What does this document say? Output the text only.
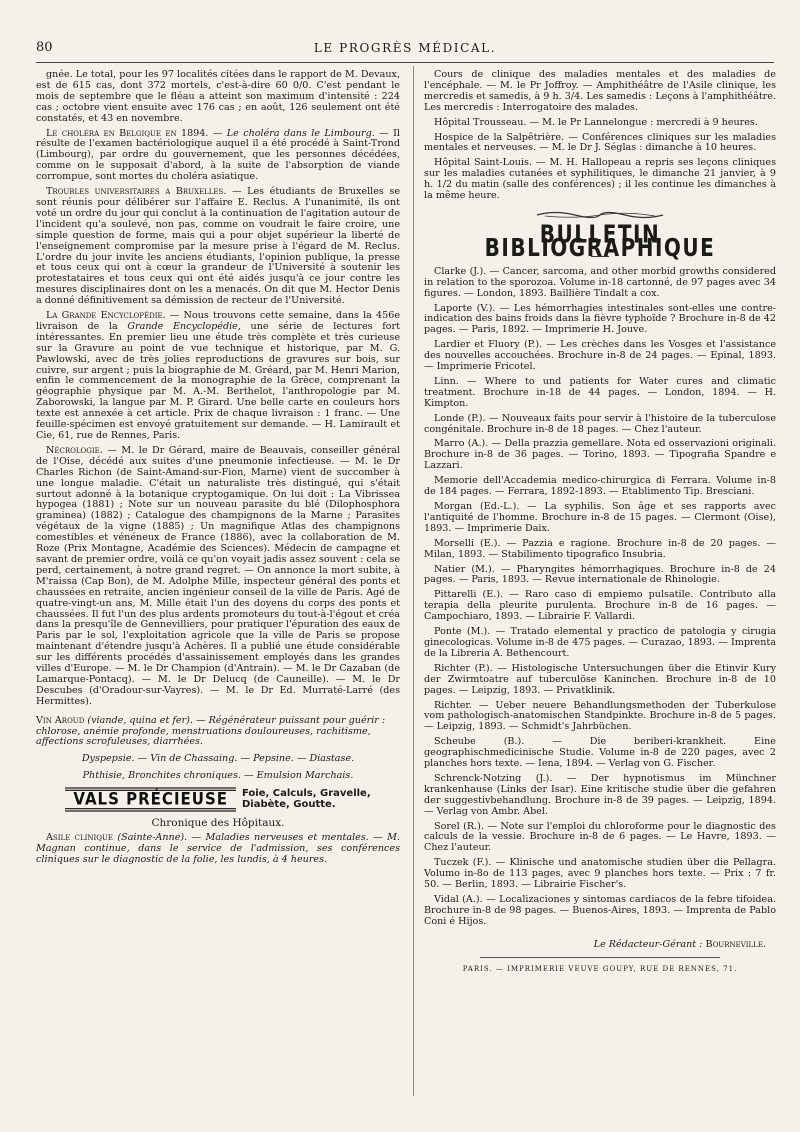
80	LE PROGRÈS MÉDICAL.

gnée. Le total, pour les 97 localités citées dans le rapport de M. Devaux, est de 615 cas, dont 372 mortels, c'est-à-dire 60 0/0. C'est pendant le mois de septembre que le fléau a atteint son maximum d'intensité : 224 cas ; octobre vient ensuite avec 176 cas ; en août, 126 seulement ont été constatés, et 43 en novembre.

Le choléra en Belgique en 1894. — Le choléra dans le Limbourg. — Il résulte de l'examen bactériologique auquel il a été procédé à Saint-Trond (Limbourg), par ordre du gouvernement, que les personnes décédées, comme on le supposait d'abord, à la suite de l'absorption de viande corrompue, sont mortes du choléra asiatique.

Troubles universitaires a Bruxelles. — Les étudiants de Bruxelles se sont réunis pour délibérer sur l'affaire E. Reclus. A l'unanimité, ils ont voté un ordre du jour qui conclut à la continuation de l'agitation autour de l'incident qu'a soulevé, non pas, comme on voudrait le faire croire, une simple question de forme, mais qui a pour objet supérieur la liberté de l'enseignement compromise par la mesure prise à l'égard de M. Reclus. L'ordre du jour invite les anciens étudiants, l'opinion publique, la presse et tous ceux qui ont à cœur la grandeur de l'Université à soutenir les protestataires et tous ceux qui ont été aidés jusqu'à ce jour contre les mesures disciplinaires dont on les a menacés. On dit que M. Hector Denis a donné définitivement sa démission de recteur de l'Université.

La Grande Encyclopédie. — Nous trouvons cette semaine, dans la 456e livraison de la Grande Encyclopédie, une série de lectures fort intéressantes. En premier lieu une étude très complète et très curieuse sur la Gravure au point de vue technique et historique, par M. G. Pawlowski, avec de très jolies reproductions de gravures sur bois, sur cuivre, sur argent ; puis la biographie de M. Gréard, par M. Henri Marion, enfin le commencement de la monographie de la Grèce, comprenant la géographie physique par M. A.-M. Berthelot, l'anthropologie par M. Zaborowski, la langue par M. P. Girard. Une belle carte en couleurs hors texte est annexée à cet article. Prix de chaque livraison : 1 franc. — Une feuille-spécimen est envoyé gratuitement sur demande. — H. Lamirault et Cie, 61, rue de Rennes, Paris.

Nécrologie. — M. le Dr Gérard, maire de Beauvais, conseiller général de l'Oise, décédé aux suites d'une pneumonie infectieuse. — M. le Dr Charles Richon (de Saint-Amand-sur-Fion, Marne) vient de succomber à une longue maladie. C'était un naturaliste très distingué, qui s'était surtout adonné à la botanique cryptogamique. On lui doit : La Vibrissea hypogea (1881) ; Note sur un nouveau parasite du blé (Dilophosphora graminea) (1882) ; Catalogue des champignons de la Marne ; Parasites végétaux de la vigne (1885) ; Un magnifique Atlas des champignons comestibles et vénéneux de France (1886), avec la collaboration de M. Roze (Prix Montagne, Académie des Sciences). Médecin de campagne et savant de premier ordre, voilà ce qu'on voyait jadis assez souvent : cela se perd, certainement, à notre grand regret. — On annonce la mort subite, à M'raissa (Cap Bon), de M. Adolphe Mille, inspecteur général des ponts et chaussées en retraite, ancien ingénieur conseil de la ville de Paris. Agé de quatre-vingt-un ans, M. Mille était l'un des doyens du corps des ponts et chaussées. Il fut l'un des plus ardents promoteurs du tout-à-l'égout et créa dans la presqu'île de Gennevilliers, pour pratiquer l'épuration des eaux de Paris par le sol, l'exploitation agricole que la ville de Paris se propose maintenant d'étendre jusqu'à Achères. Il a publié une étude considérable sur les différents procédés d'assainissement employés dans les grandes villes d'Europe. — M. le Dr Champion (d'Antrain). — M. le Dr Cazaban (de Lamarque-Pontacq). — M. le Dr Delucq (de Cauneille). — M. le Dr Descubes (d'Oradour-sur-Vayres). — M. le Dr Ed. Murraté-Larré (des Hermittes).

Vin Aroud (viande, quina et fer). — Régénérateur puissant pour guérir : chlorose, anémie profonde, menstruations douloureuses, rachitisme, affections scrofuleuses, diarrhées.

Dyspepsie. — Vin de Chassaing. — Pepsine. — Diastase.

Phthisie, Bronchites chroniques. — Emulsion Marchais.

VALS PRÉCIEUSE	Foie, Calculs, Gravelle,
Diabète, Goutte.

Chronique des Hôpitaux.

Asile clinique (Sainte-Anne). — Maladies nerveuses et mentales. — M. Magnan continue, dans le service de l'admission, ses conférences cliniques sur le diagnostic de la folie, les lundis, à 4 heures.

Cours de clinique des maladies mentales et des maladies de l'encéphale. — M. le Pr Joffroy. — Amphithéâtre de l'Asile clinique, les mercredis et samedis, à 9 h. 3/4. Les samedis : Leçons à l'amphithéâtre. Les mercredis : Interrogatoire des malades.

Hôpital Trousseau. — M. le Pr Lannelongue : mercredi à 9 heures.

Hospice de la Salpêtrière. — Conférences cliniques sur les maladies mentales et nerveuses. — M. le Dr J. Séglas : dimanche à 10 heures.

Hôpital Saint-Louis. — M. H. Hallopeau a repris ses leçons cliniques sur les maladies cutanées et syphilitiques, le dimanche 21 janvier, à 9 h. 1/2 du matin (salle des conférences) ; il les continue les dimanches à la même heure.

BULLETIN BIBLIOGRAPHIQUE

Clarke (J.). — Cancer, sarcoma, and other morbid growths considered in relation to the sporozoa. Volume in-18 cartonné, de 97 pages avec 34 figures. — London, 1893. Baillière Tindalt a cox.

Laporte (V.). — Les hémorrhagies intestinales sont-elles une contre-indication des bains froids dans la fièvre typhoïde ? Brochure in-8 de 42 pages. — Paris, 1892. — Imprimerie H. Jouve.

Lardier et Fluory (P.). — Les crèches dans les Vosges et l'assistance des nouvelles accouchées. Brochure in-8 de 24 pages. — Epinal, 1893. — Imprimerie Fricotel.

Linn. — Where to und patients for Water cures and climatic treatment. Brochure in-18 de 44 pages. — London, 1894. — H. Kimpton.

Londe (P.). — Nouveaux faits pour servir à l'histoire de la tuberculose congénitale. Brochure in-8 de 18 pages. — Chez l'auteur.

Marro (A.). — Della prazzia gemellare. Nota ed osservazioni originali. Brochure in-8 de 36 pages. — Torino, 1893. — Tipografia Spandre e Lazzari.

Memorie dell'Accademia medico-chirurgica di Ferrara. Volume in-8 de 184 pages. — Ferrara, 1892-1893. — Etablimento Tip. Bresciani.

Morgan (Ed.-L.). — La syphilis. Son âge et ses rapports avec l'antiquité de l'homme. Brochure in-8 de 15 pages. — Clermont (Oise), 1893. — Imprimerie Daix.

Morselli (E.). — Pazzia e ragione. Brochure in-8 de 20 pages. — Milan, 1893. — Stabilimento tipografico Insubria.

Natier (M.). — Pharyngites hémorrhagiques. Brochure in-8 de 24 pages. — Paris, 1893. — Revue internationale de Rhinologie.

Pittarelli (E.). — Raro caso di empiemo pulsatile. Contributo alla terapia della pleurite purulenta. Brochure in-8 de 16 pages. — Campochiaro, 1893. — Librairie F. Vallardi.

Ponte (M.). — Tratado elemental y practico de patologia y cirugia ginecologicas. Volume in-8 de 475 pages. — Curazao, 1893. — Imprenta de la Libreria A. Bethencourt.

Richter (P.). — Histologische Untersuchungen über die Etinvir Kury der Zwirmtoatre auf tuberculöse Kaninchen. Brochure in-8 de 10 pages. — Leipzig, 1893. — Privatklinik.

Richter. — Ueber neuere Behandlungsmethoden der Tuberkulose vom pathologisch-anatomischen Standpinkte. Brochure in-8 de 5 pages. — Leipzig, 1893. — Schmidt's Jahrbüchen.

Scheube (B.). — Die beriberi-krankheit. Eine geographischmedicinische Studie. Volume in-8 de 220 pages, avec 2 planches hors texte. — Iena, 1894. — Verlag von G. Fischer.

Schrenck-Notzing (J.). — Der hypnotismus im Münchner krankenhause (Links der Isar). Eine kritische studie über die gefahren der suggestivbehandlung. Brochure in-8 de 39 pages. — Leipzig, 1894. — Verlag von Ambr. Abel.

Sorel (R.). — Note sur l'emploi du chloroforme pour le diagnostic des calculs de la vessie. Brochure in-8 de 6 pages. — Le Havre, 1893. — Chez l'auteur.

Tuczek (F.). — Klinische und anatomische studien über die Pellagra. Volumo in-8o de 113 pages, avec 9 planches hors texte. — Prix : 7 fr. 50. — Berlin, 1893. — Librairie Fischer's.

Vidal (A.). — Localizaciones y sintomas cardiacos de la febre tifoidea. Brochure in-8 de 98 pages. — Buenos-Aires, 1893. — Imprenta de Pablo Coni é Hijos.

Le Rédacteur-Gérant : Bourneville.

PARIS. — IMPRIMERIE VEUVE GOUPY, RUE DE RENNES, 71.
